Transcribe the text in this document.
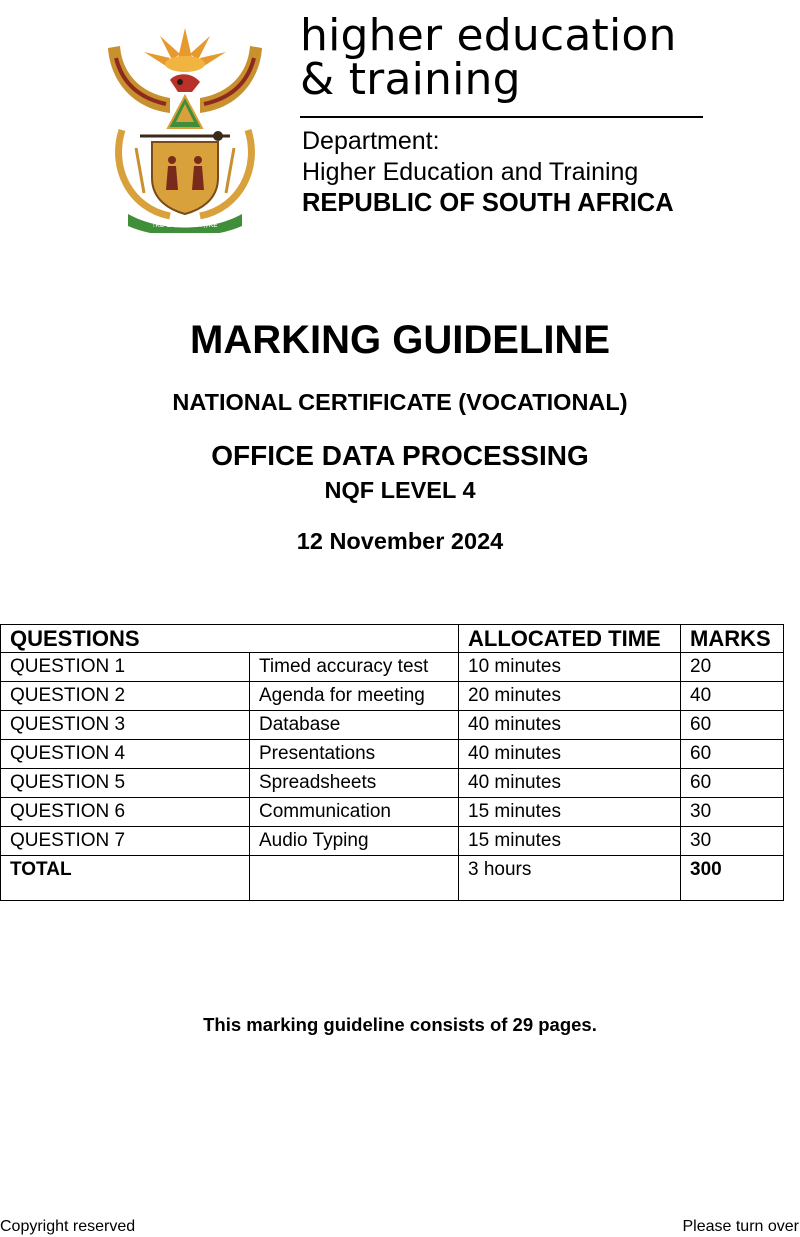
!KE E: /XARRA //KE
higher education
& training
Department:
Higher Education and Training
REPUBLIC OF SOUTH AFRICA
MARKING GUIDELINE
NATIONAL CERTIFICATE (VOCATIONAL)
OFFICE DATA PROCESSING
NQF LEVEL 4
12 November 2024
QUESTIONS		ALLOCATED TIME	MARKS
QUESTION 1	Timed accuracy test	10 minutes	20
QUESTION 2	Agenda for meeting	20 minutes	40
QUESTION 3	Database	40 minutes	60
QUESTION 4	Presentations	40 minutes	60
QUESTION 5	Spreadsheets	40 minutes	60
QUESTION 6	Communication	15 minutes	30
QUESTION 7	Audio Typing	15 minutes	30
TOTAL		3 hours	300
This marking guideline consists of 29 pages.
Copyright reserved	Please turn over
